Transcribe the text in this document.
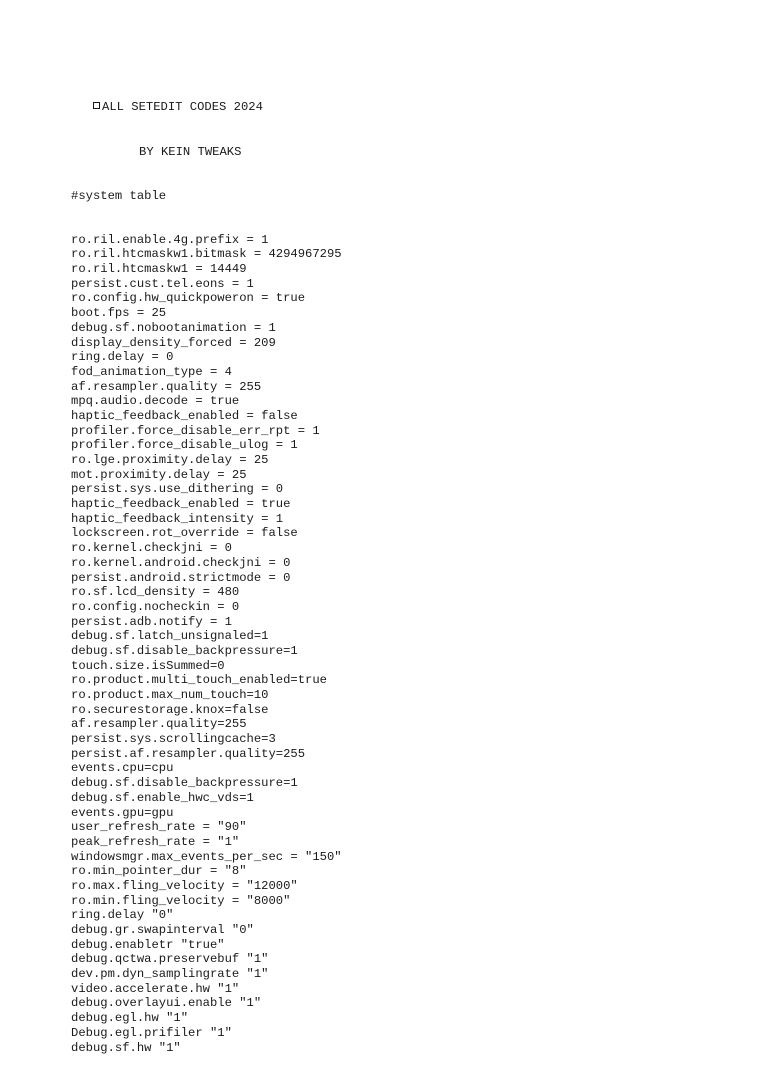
ALL SETEDIT CODES 2024

BY KEIN TWEAKS

#system table

ro.ril.enable.4g.prefix = 1
ro.ril.htcmaskw1.bitmask = 4294967295
ro.ril.htcmaskw1 = 14449
persist.cust.tel.eons = 1
ro.config.hw_quickpoweron = true
boot.fps = 25
debug.sf.nobootanimation = 1
display_density_forced = 209
ring.delay = 0
fod_animation_type = 4
af.resampler.quality = 255
mpq.audio.decode = true
haptic_feedback_enabled = false
profiler.force_disable_err_rpt = 1
profiler.force_disable_ulog = 1
ro.lge.proximity.delay = 25
mot.proximity.delay = 25
persist.sys.use_dithering = 0
haptic_feedback_enabled = true
haptic_feedback_intensity = 1
lockscreen.rot_override = false
ro.kernel.checkjni = 0
ro.kernel.android.checkjni = 0
persist.android.strictmode = 0
ro.sf.lcd_density = 480
ro.config.nocheckin = 0
persist.adb.notify = 1
debug.sf.latch_unsignaled=1
debug.sf.disable_backpressure=1
touch.size.isSummed=0
ro.product.multi_touch_enabled=true
ro.product.max_num_touch=10
ro.securestorage.knox=false
af.resampler.quality=255
persist.sys.scrollingcache=3
persist.af.resampler.quality=255
events.cpu=cpu
debug.sf.disable_backpressure=1
debug.sf.enable_hwc_vds=1
events.gpu=gpu
user_refresh_rate = "90"
peak_refresh_rate = "1"
windowsmgr.max_events_per_sec = "150"
ro.min_pointer_dur = "8"
ro.max.fling_velocity = "12000"
ro.min.fling_velocity = "8000"
ring.delay "0"
debug.gr.swapinterval "0"
debug.enabletr "true"
debug.qctwa.preservebuf "1"
dev.pm.dyn_samplingrate "1"
video.accelerate.hw "1"
debug.overlayui.enable "1"
debug.egl.hw "1"
Debug.egl.prifiler "1"
debug.sf.hw "1"
